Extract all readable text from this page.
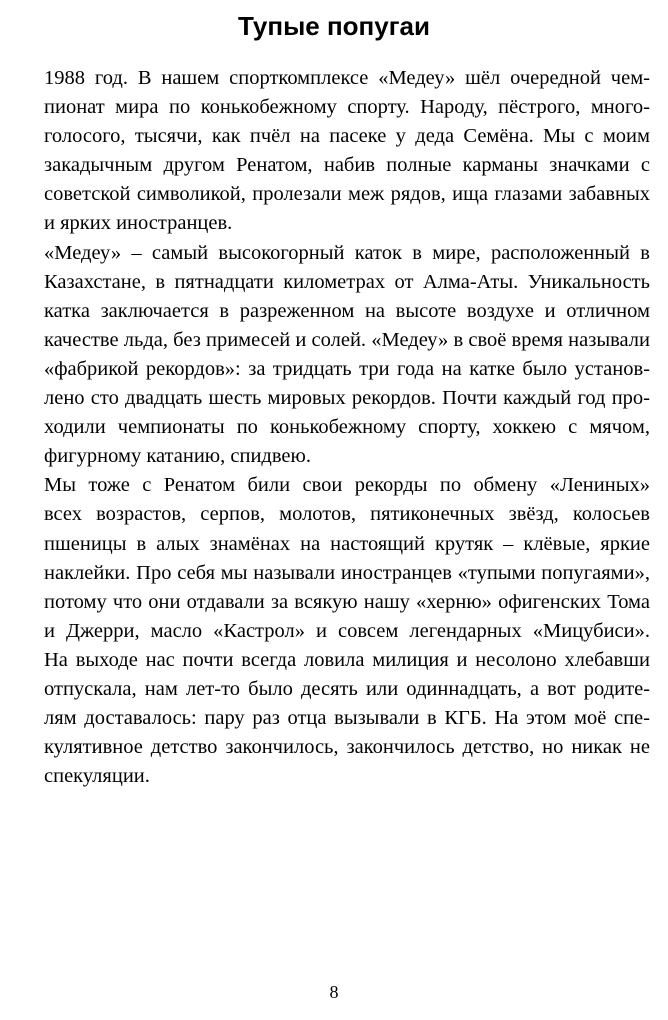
Тупые попугаи
1988 год. В нашем спорткомплексе «Медеу» шёл очередной чем-
пионат мира по конькобежному спорту. Народу, пёстрого, много-
голосого, тысячи, как пчёл на пасеке у деда Семёна. Мы с моим
закадычным другом Ренатом, набив полные карманы значками с
советской символикой, пролезали меж рядов, ища глазами забавных
и ярких иностранцев.
«Медеу» – самый высокогорный каток в мире, расположенный в
Казахстане, в пятнадцати километрах от Алма-Аты. Уникальность
катка заключается в разреженном на высоте воздухе и отличном
качестве льда, без примесей и солей. «Медеу» в своё время называли
«фабрикой рекордов»: за тридцать три года на катке было установ-
лено сто двадцать шесть мировых рекордов. Почти каждый год про-
ходили чемпионаты по конькобежному спорту, хоккею с мячом,
фигурному катанию, спидвею.
Мы тоже с Ренатом били свои рекорды по обмену «Лениных»
всех возрастов, серпов, молотов, пятиконечных звёзд, колосьев
пшеницы в алых знамёнах на настоящий крутяк – клёвые, яркие
наклейки. Про себя мы называли иностранцев «тупыми попугаями»,
потому что они отдавали за всякую нашу «херню» офигенских Тома
и Джерри, масло «Кастрол» и совсем легендарных «Мицубиси».
На выходе нас почти всегда ловила милиция и несолоно хлебавши
отпускала, нам лет-то было десять или одиннадцать, а вот родите-
лям доставалось: пару раз отца вызывали в КГБ. На этом моё спе-
кулятивное детство закончилось, закончилось детство, но никак не
спекуляции.
8
